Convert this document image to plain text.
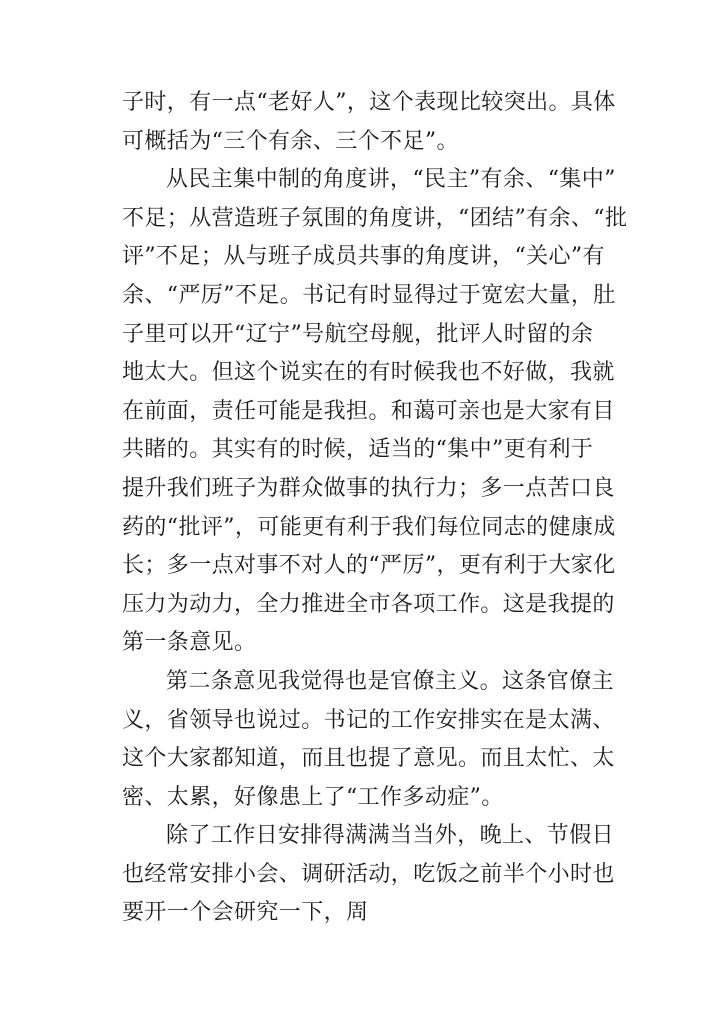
子时，有一点“老好人”，这个表现比较突出。具体
可概括为“三个有余、三个不足”。
从民主集中制的角度讲，“民主”有余、“集中”
不足；从营造班子氛围的角度讲，“团结”有余、“批
评”不足；从与班子成员共事的角度讲，“关心”有
余、“严厉”不足。书记有时显得过于宽宏大量，肚
子里可以开“辽宁”号航空母舰，批评人时留的余
地太大。但这个说实在的有时候我也不好做，我就
在前面，责任可能是我担。和蔼可亲也是大家有目
共睹的。其实有的时候，适当的“集中”更有利于
提升我们班子为群众做事的执行力；多一点苦口良
药的“批评”，可能更有利于我们每位同志的健康成
长；多一点对事不对人的“严厉”，更有利于大家化
压力为动力，全力推进全市各项工作。这是我提的
第一条意见。
第二条意见我觉得也是官僚主义。这条官僚主
义，省领导也说过。书记的工作安排实在是太满、
这个大家都知道，而且也提了意见。而且太忙、太
密、太累，好像患上了“工作多动症”。
除了工作日安排得满满当当外，晚上、节假日
也经常安排小会、调研活动，吃饭之前半个小时也
要开一个会研究一下，周
